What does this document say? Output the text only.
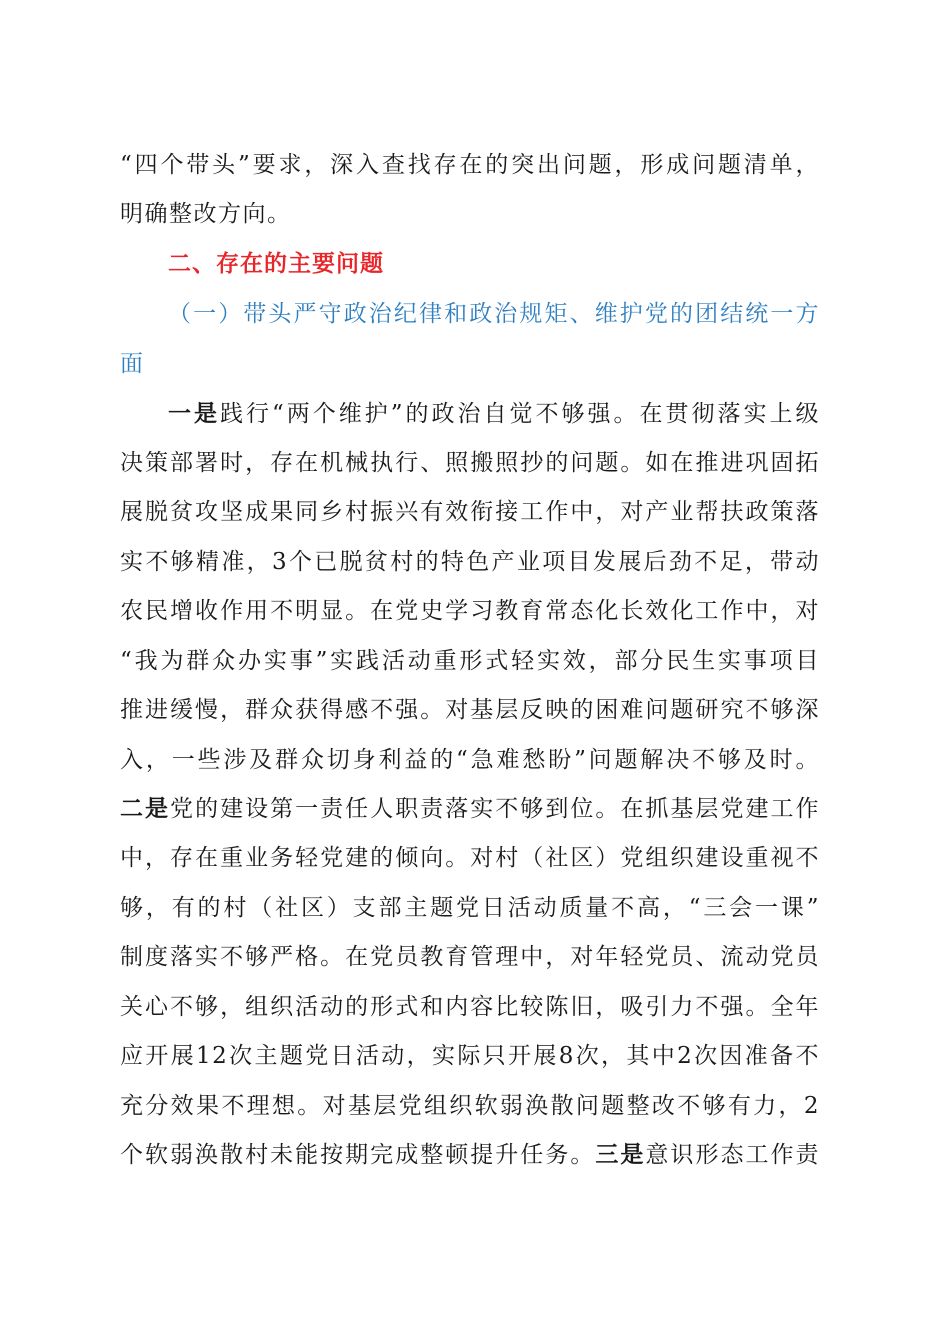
“四个带头”要求，深入查找存在的突出问题，形成问题清单，
明确整改方向。
二、存在的主要问题
（一）带头严守政治纪律和政治规矩、维护党的团结统一方
面
一是践行“两个维护”的政治自觉不够强。在贯彻落实上级
决策部署时，存在机械执行、照搬照抄的问题。如在推进巩固拓
展脱贫攻坚成果同乡村振兴有效衔接工作中，对产业帮扶政策落
实不够精准，3个已脱贫村的特色产业项目发展后劲不足，带动
农民增收作用不明显。在党史学习教育常态化长效化工作中，对
“我为群众办实事”实践活动重形式轻实效，部分民生实事项目
推进缓慢，群众获得感不强。对基层反映的困难问题研究不够深
入，一些涉及群众切身利益的“急难愁盼”问题解决不够及时。
二是党的建设第一责任人职责落实不够到位。在抓基层党建工作
中，存在重业务轻党建的倾向。对村（社区）党组织建设重视不
够，有的村（社区）支部主题党日活动质量不高，“三会一课”
制度落实不够严格。在党员教育管理中，对年轻党员、流动党员
关心不够，组织活动的形式和内容比较陈旧，吸引力不强。全年
应开展12次主题党日活动，实际只开展8次，其中2次因准备不
充分效果不理想。对基层党组织软弱涣散问题整改不够有力，2
个软弱涣散村未能按期完成整顿提升任务。三是意识形态工作责
